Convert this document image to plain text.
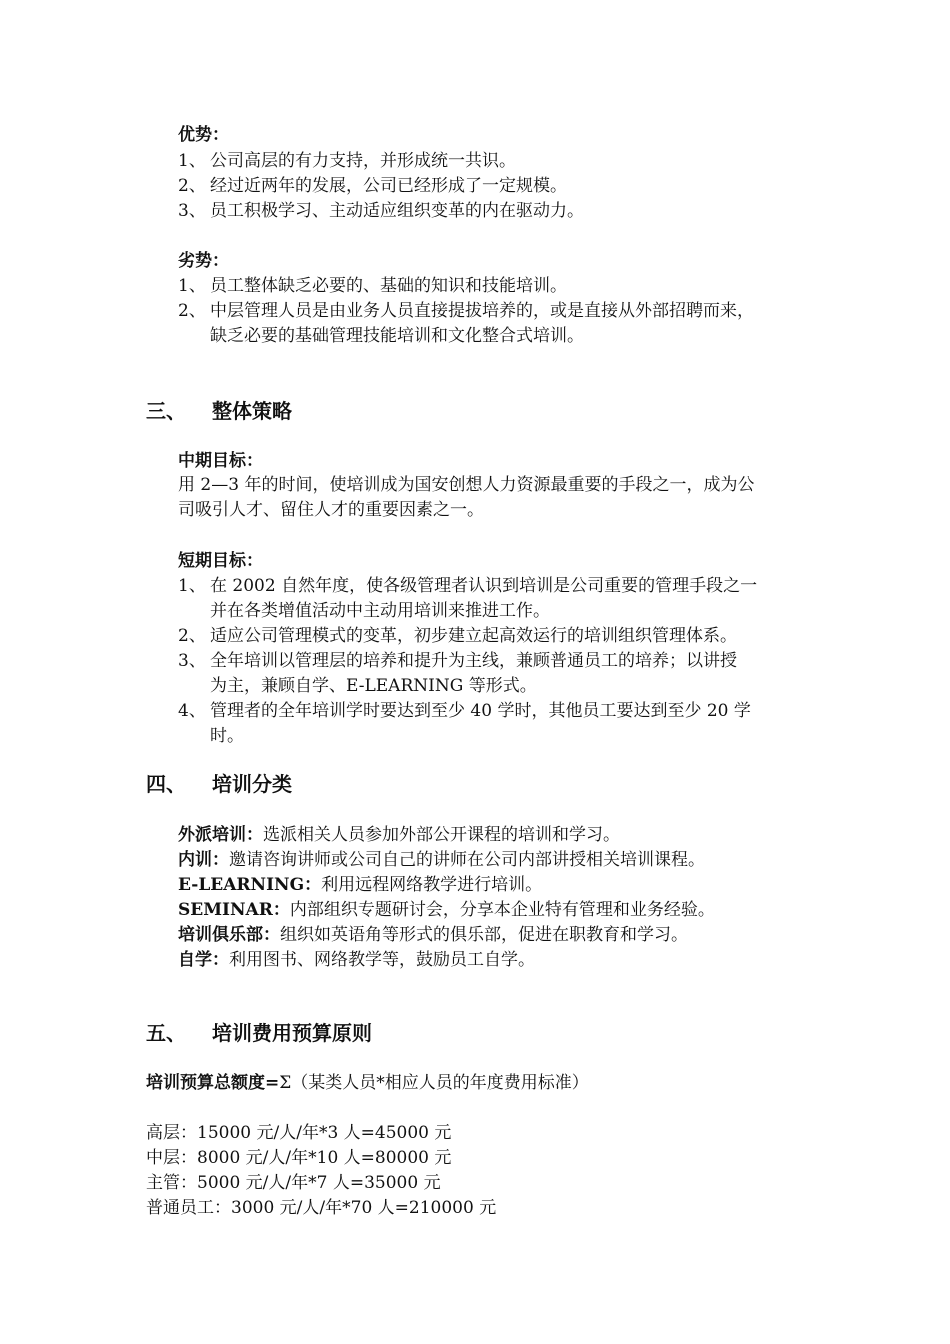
优势：
1、 公司高层的有力支持，并形成统一共识。
2、 经过近两年的发展，公司已经形成了一定规模。
3、 员工积极学习、主动适应组织变革的内在驱动力。
劣势：
1、 员工整体缺乏必要的、基础的知识和技能培训。
2、 中层管理人员是由业务人员直接提拔培养的，或是直接从外部招聘而来，
缺乏必要的基础管理技能培训和文化整合式培训。
三、 整体策略
中期目标：
用 2—3 年的时间，使培训成为国安创想人力资源最重要的手段之一，成为公
司吸引人才、留住人才的重要因素之一。
短期目标：
1、 在 2002 自然年度，使各级管理者认识到培训是公司重要的管理手段之一
并在各类增值活动中主动用培训来推进工作。
2、 适应公司管理模式的变革，初步建立起高效运行的培训组织管理体系。
3、 全年培训以管理层的培养和提升为主线，兼顾普通员工的培养；以讲授
为主，兼顾自学、E-LEARNING 等形式。
4、 管理者的全年培训学时要达到至少 40 学时，其他员工要达到至少 20 学
时。
四、 培训分类
外派培训：选派相关人员参加外部公开课程的培训和学习。
内训：邀请咨询讲师或公司自己的讲师在公司内部讲授相关培训课程。
E-LEARNING：利用远程网络教学进行培训。
SEMINAR：内部组织专题研讨会，分享本企业特有管理和业务经验。
培训俱乐部：组织如英语角等形式的俱乐部，促进在职教育和学习。
自学：利用图书、网络教学等，鼓励员工自学。
五、 培训费用预算原则
培训预算总额度=Σ（某类人员*相应人员的年度费用标准）
高层：15000 元/人/年*3 人=45000 元
中层：8000 元/人/年*10 人=80000 元
主管：5000 元/人/年*7 人=35000 元
普通员工：3000 元/人/年*70 人=210000 元
